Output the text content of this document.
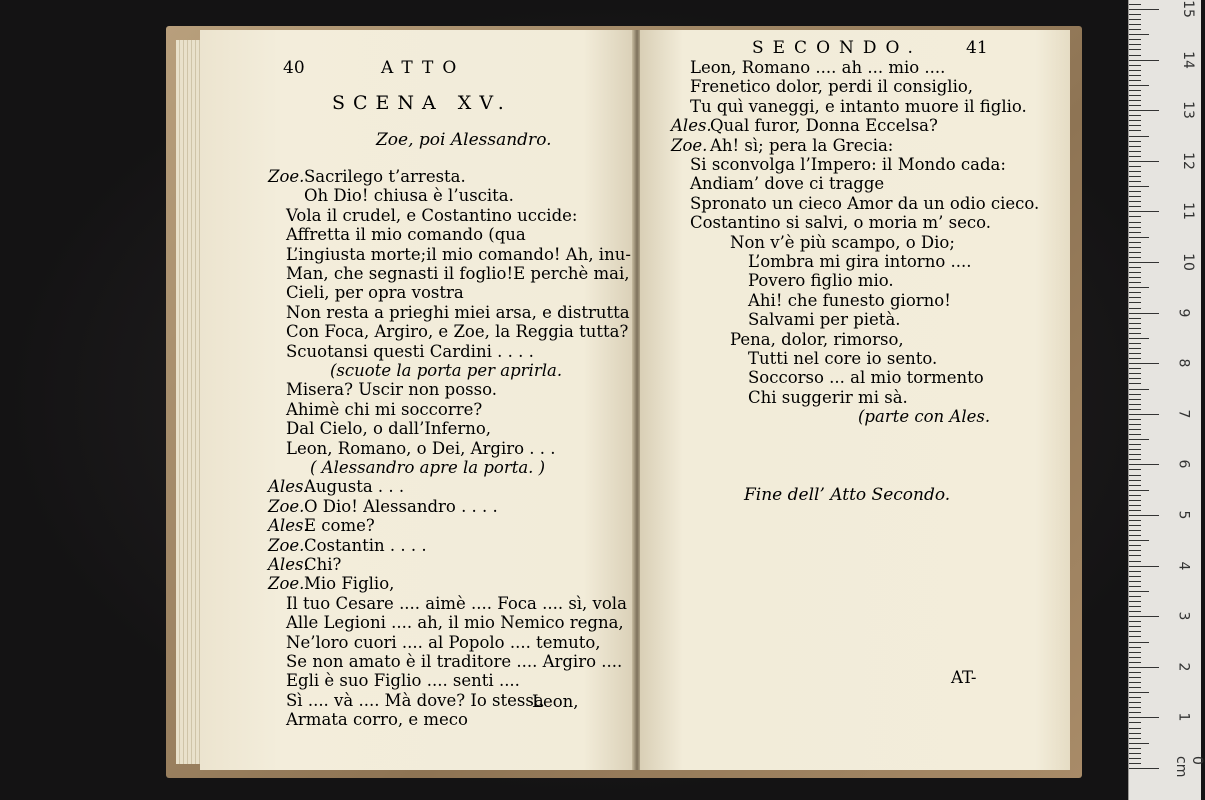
40	ATTO
SCENA XV.
Zoe, poi Alessandro.
Zoe. Sacrilego t’arresta.
Oh Dio! chiusa è l’uscita.
Vola il crudel, e Costantino uccide:
Affretta il mio comando (qua
L’ingiusta morte;il mio comando! Ah, inu-
Man, che segnasti il foglio!E perchè mai,
Cieli, per opra vostra
Non resta a prieghi miei arsa, e distrutta
Con Foca, Argiro, e Zoe, la Reggia tutta?
Scuotansi questi Cardini . . . .
(scuote la porta per aprirla.
Misera? Uscir non posso.
Ahimè chi mi soccorre?
Dal Cielo, o dall’Inferno,
Leon, Romano, o Dei, Argiro . . .
( Alessandro apre la porta. )
Ales.
Augusta . . .
Zoe. O Dio! Alessandro . . . .
Ales.
E come?
Zoe. Costantin . . . .
Ales.
Chi?
Zoe. Mio Figlio,
Il tuo Cesare .... aimè .... Foca .... sì, vola
Alle Legioni .... ah, il mio Nemico regna,
Ne’loro cuori .... al Popolo .... temuto,
Se non amato è il traditore .... Argiro ....
Egli è suo Figlio .... senti ....
Sì .... và .... Mà dove? Io stessa
Armata corro, e meco
Leon,
SECONDO.	41
Leon, Romano .... ah ... mio ....
Frenetico dolor, perdi il consiglio,
Tu quì vaneggi, e intanto muore il figlio.
Ales.
Qual furor, Donna Eccelsa?
Zoe. Ah! sì; pera la Grecia:
Si sconvolga l’Impero: il Mondo cada:
Andiam’ dove ci tragge
Spronato un cieco Amor da un odio cieco.
Costantino si salvi, o moria m’ seco.
Non v’è più scampo, o Dio;
L’ombra mi gira intorno ....
Povero figlio mio.
Ahi! che funesto giorno!
Salvami per pietà.
Pena, dolor, rimorso,
Tutti nel core io sento.
Soccorso ... al mio tormento
Chi suggerir mi sà.
(parte con Ales.
Fine dell’ Atto Secondo.
AT-
1
2
3
4
5
6
7
8
9
10
11
12
13
14
15
0 cm
